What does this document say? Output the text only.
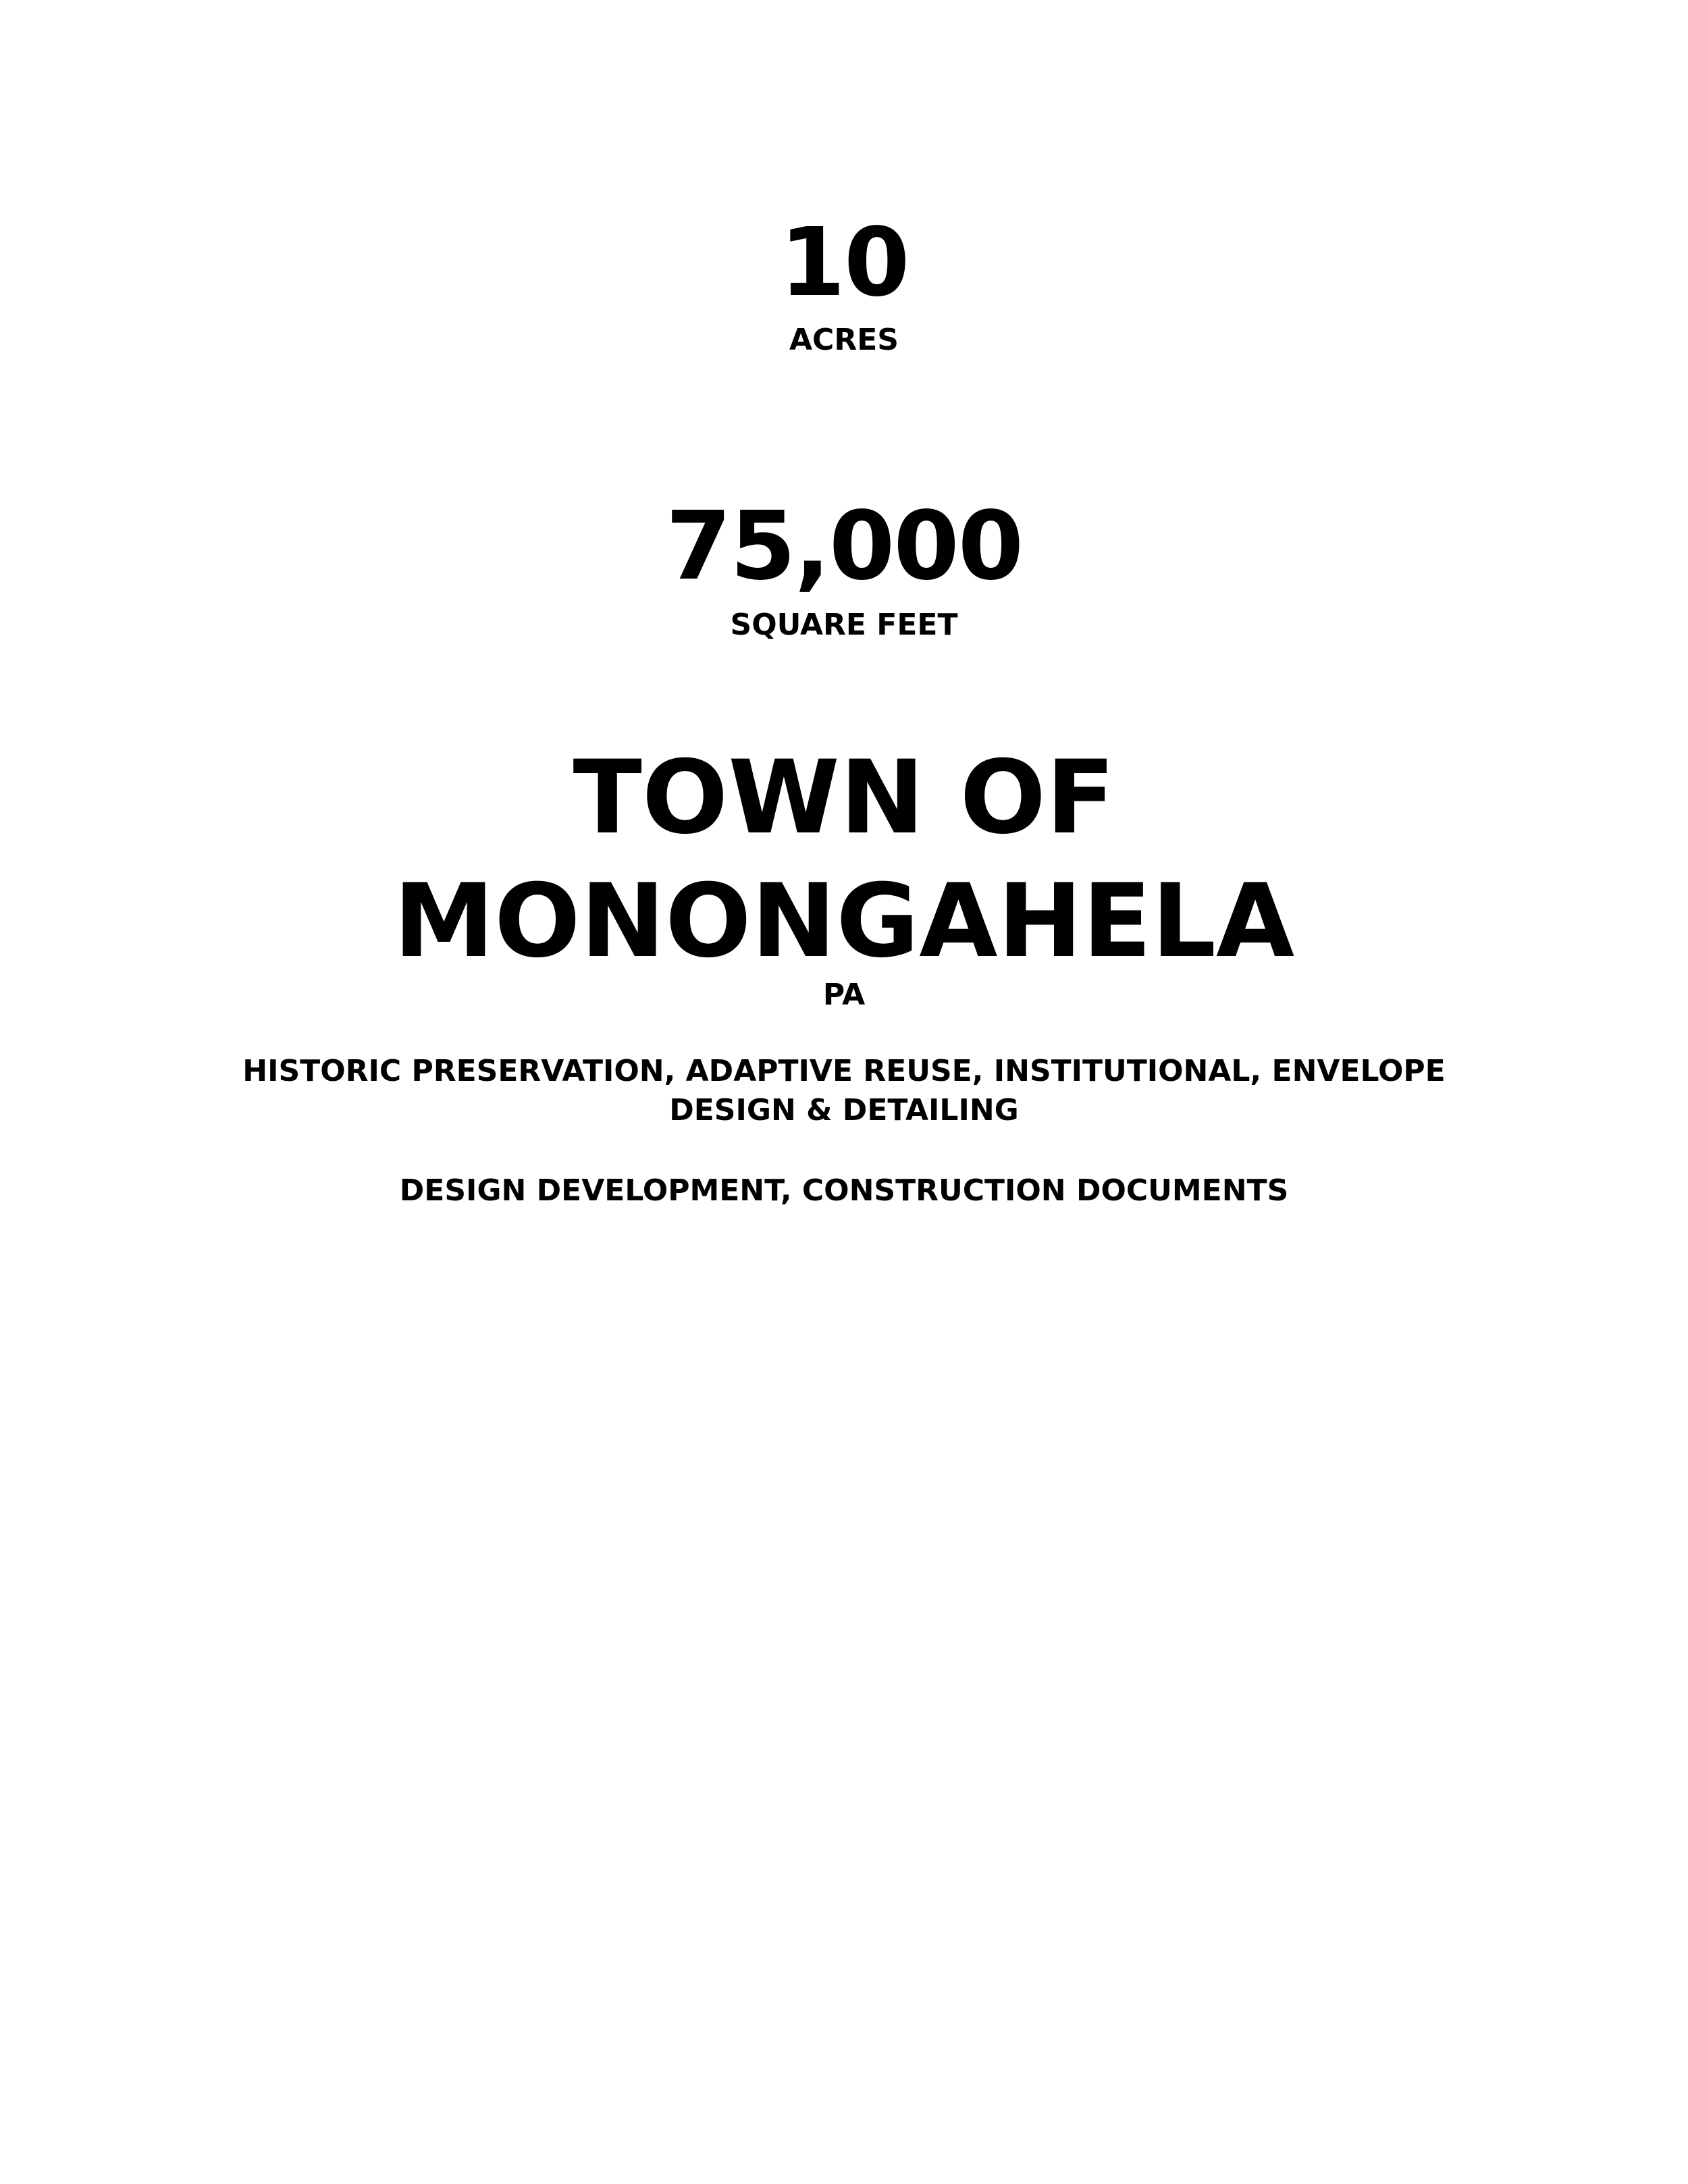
10
ACRES
75,000
SQUARE FEET
TOWN OF
MONONGAHELA
PA
HISTORIC PRESERVATION, ADAPTIVE REUSE, INSTITUTIONAL, ENVELOPE DESIGN & DETAILING
DESIGN DEVELOPMENT, CONSTRUCTION DOCUMENTS
